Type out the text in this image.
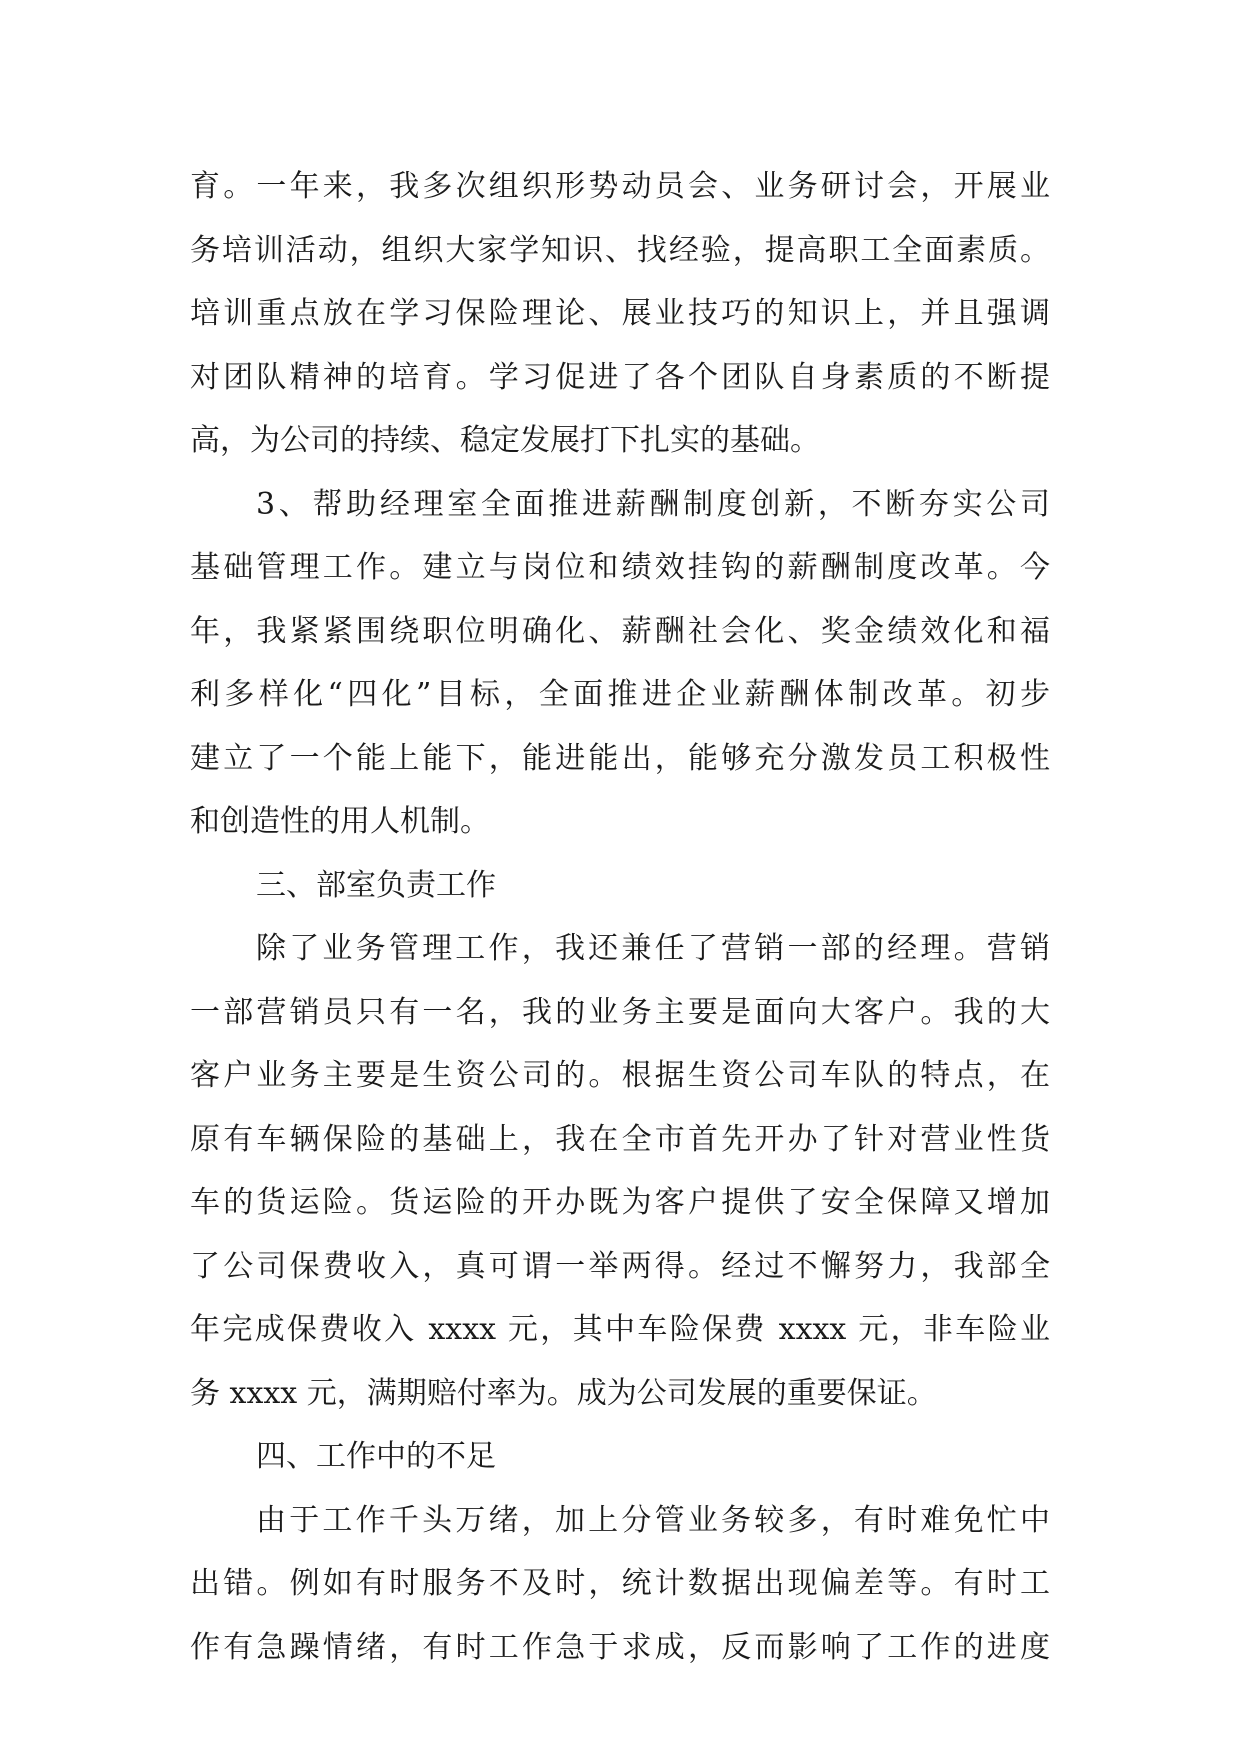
育。一年来，我多次组织形势动员会、业务研讨会，开展业
务培训活动，组织大家学知识、找经验，提高职工全面素质。
培训重点放在学习保险理论、展业技巧的知识上，并且强调
对团队精神的培育。学习促进了各个团队自身素质的不断提
高，为公司的持续、稳定发展打下扎实的基础。
3、帮助经理室全面推进薪酬制度创新，不断夯实公司
基础管理工作。建立与岗位和绩效挂钩的薪酬制度改革。今
年，我紧紧围绕职位明确化、薪酬社会化、奖金绩效化和福
利多样化“四化”目标，全面推进企业薪酬体制改革。初步
建立了一个能上能下，能进能出，能够充分激发员工积极性
和创造性的用人机制。
三、部室负责工作
除了业务管理工作，我还兼任了营销一部的经理。营销
一部营销员只有一名，我的业务主要是面向大客户。我的大
客户业务主要是生资公司的。根据生资公司车队的特点，在
原有车辆保险的基础上，我在全市首先开办了针对营业性货
车的货运险。货运险的开办既为客户提供了安全保障又增加
了公司保费收入，真可谓一举两得。经过不懈努力，我部全
年完成保费收入 xxxx 元，其中车险保费 xxxx 元，非车险业
务 xxxx 元，满期赔付率为。成为公司发展的重要保证。
四、工作中的不足
由于工作千头万绪，加上分管业务较多，有时难免忙中
出错。例如有时服务不及时，统计数据出现偏差等。有时工
作有急躁情绪，有时工作急于求成，反而影响了工作的进度
